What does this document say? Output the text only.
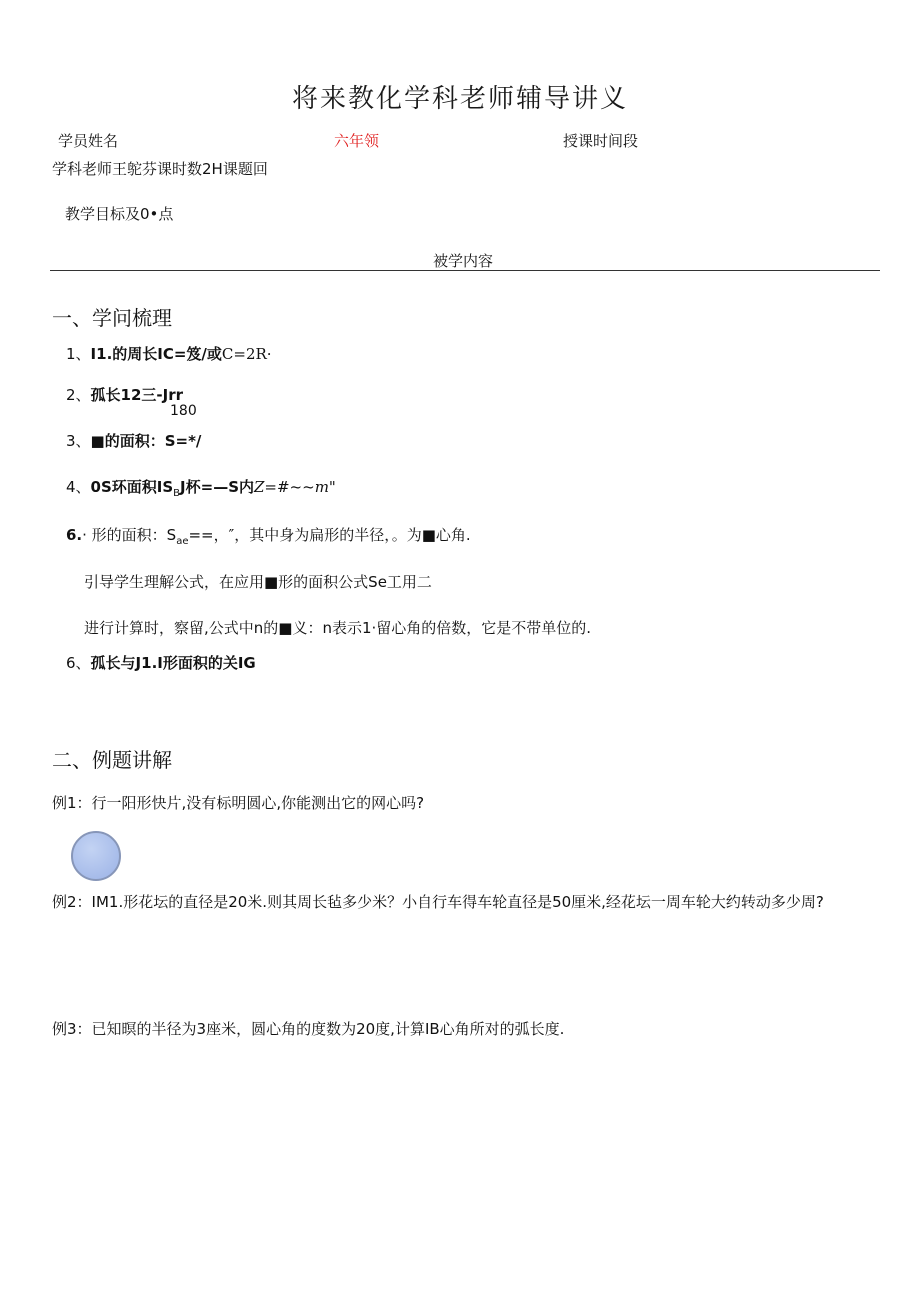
将来教化学科老师辅导讲义
学员姓名	六年领	授课时间段
学科老师王鸵芬课时数2H课题回
教学目标及0•点
被学内容
一、学问梳理
1、I1.的周长IC=笈/或C=2R·
2、孤长12三-Jrr
180
3、■的面积：S=*/
4、0S环面积$IS_BJ$杯=—S内Z=#~~m"
6.· 形的面积：$S_{ae}==$，″，其中身为扁形的半径，。为■心角.
引导学生理解公式，在应用■形的面积公式Se工用二
进行计算时，察留,公式中n的■义：n表示1·留心角的倍数，它是不带单位的.
6、孤长与J1.I形面积的关IG
二、例题讲解
例1：行一阳形快片,没有标明圆心,你能测出它的网心吗?
例2：IM1.形花坛的直径是20米.则其周长毡多少米？小自行车得车轮直径是50厘米,经花坛一周车轮大约转动多少周?
例3：已知暝的半径为3座米，圆心角的度数为20度,计算IB心角所对的弧长度.
